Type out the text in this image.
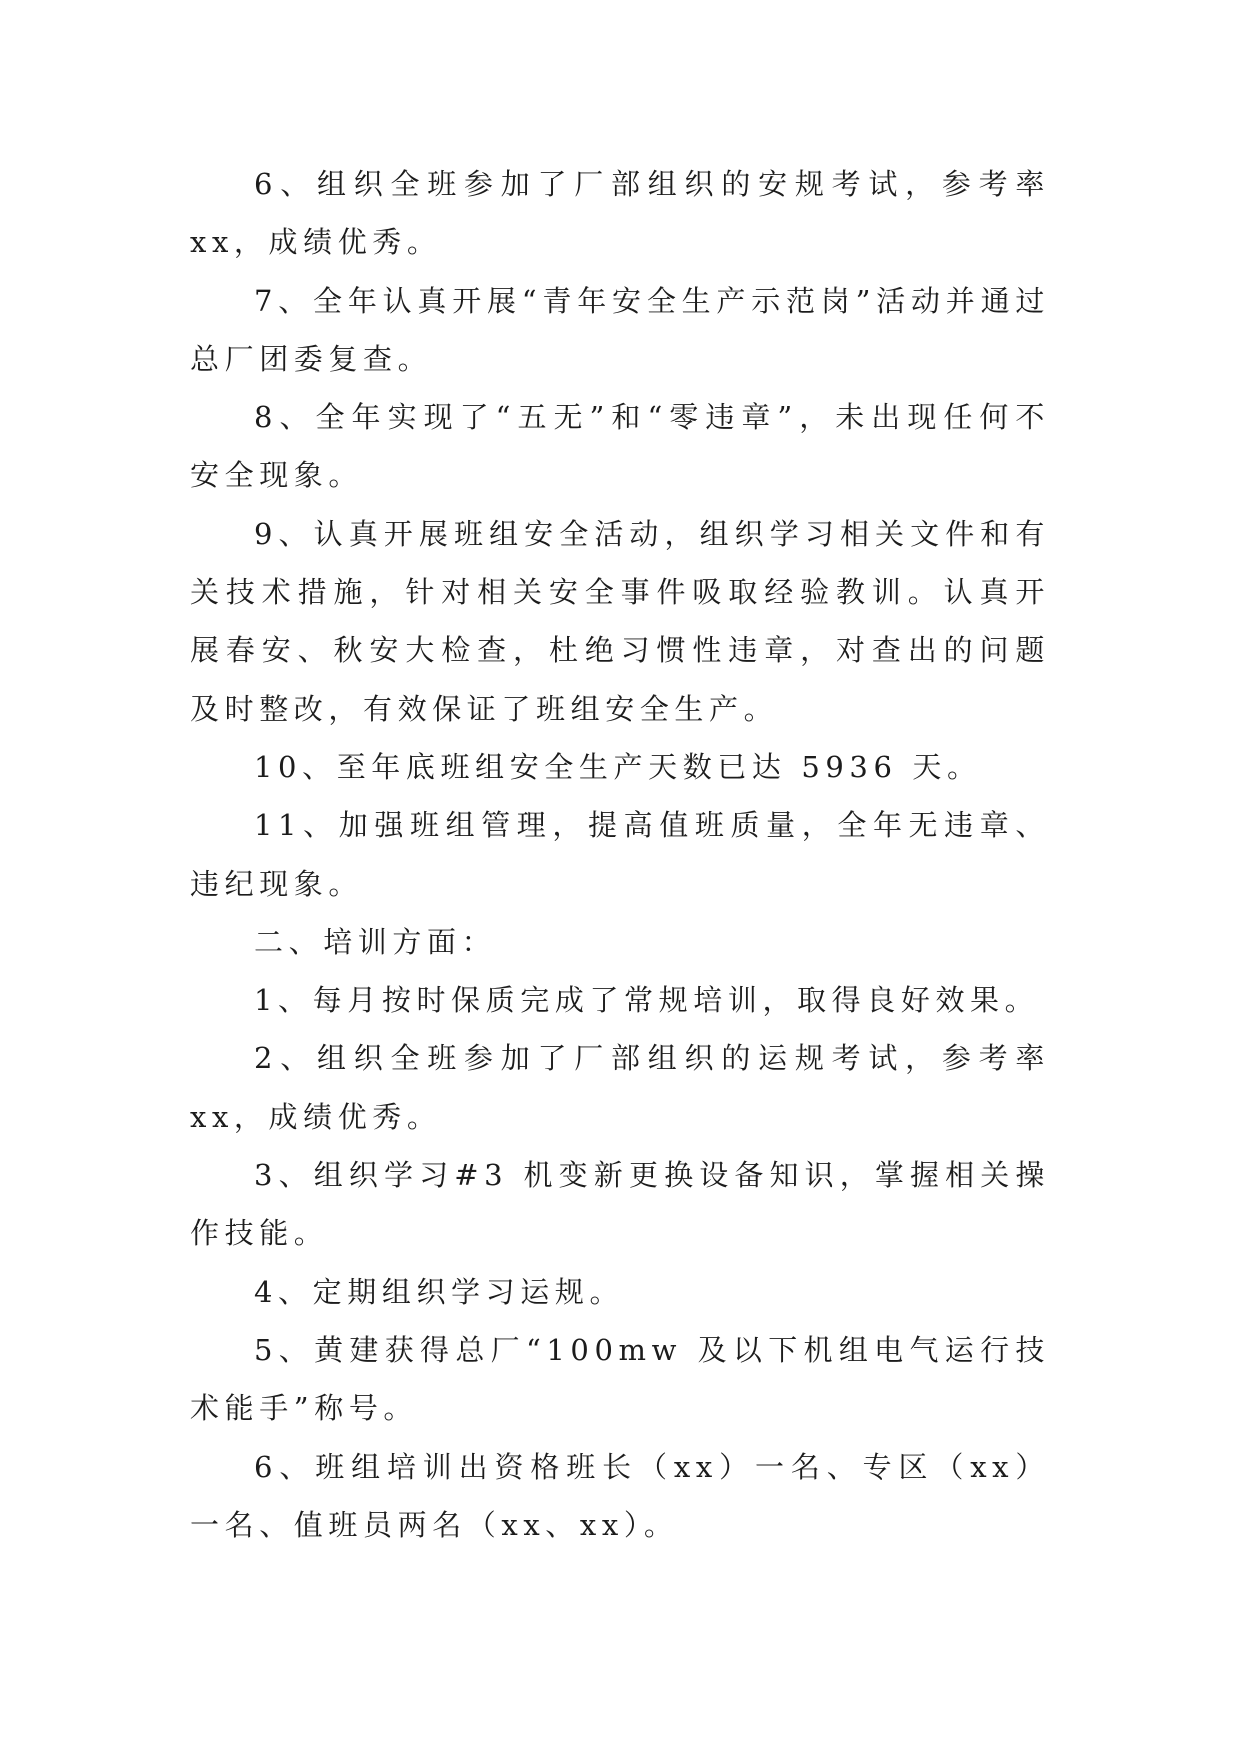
6、组织全班参加了厂部组织的安规考试，参考率 xx，成绩优秀。

7、全年认真开展“青年安全生产示范岗”活动并通过总厂团委复查。

8、全年实现了“五无”和“零违章”，未出现任何不安全现象。

9、认真开展班组安全活动，组织学习相关文件和有关技术措施，针对相关安全事件吸取经验教训。认真开展春安、秋安大检查，杜绝习惯性违章，对查出的问题及时整改，有效保证了班组安全生产。

10、至年底班组安全生产天数已达 5936 天。

11、加强班组管理，提高值班质量，全年无违章、违纪现象。

二、培训方面：

1、每月按时保质完成了常规培训，取得良好效果。

2、组织全班参加了厂部组织的运规考试，参考率 xx，成绩优秀。

3、组织学习#3 机变新更换设备知识，掌握相关操作技能。

4、定期组织学习运规。

5、黄建获得总厂“100mw 及以下机组电气运行技术能手”称号。

6、班组培训出资格班长（xx）一名、专区（xx）一名、值班员两名（xx、xx）。
